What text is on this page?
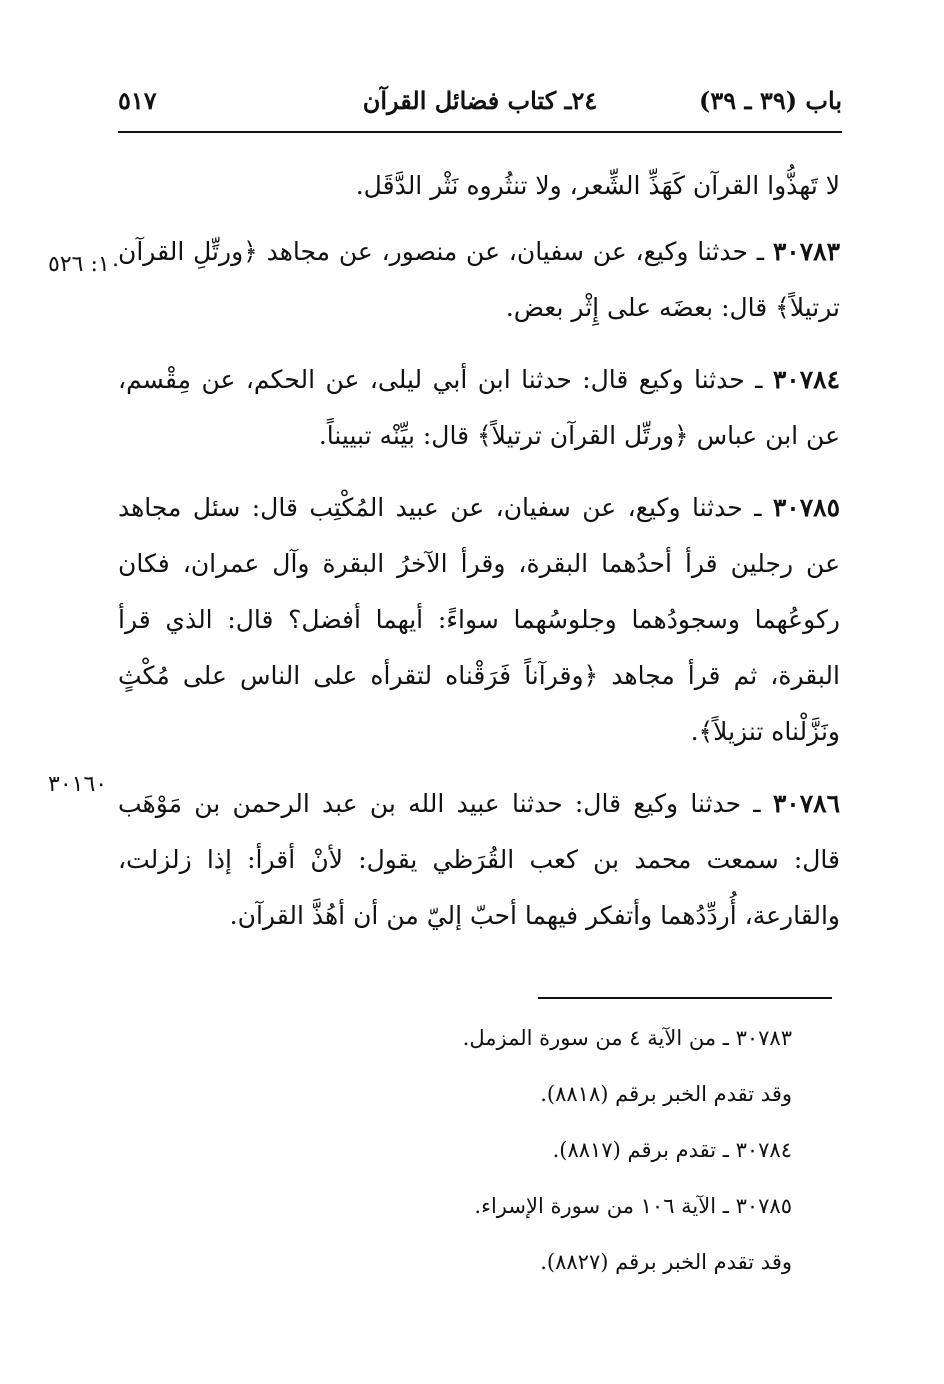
باب (٣٩ ـ ٣٩)
٢٤ـ كتاب فضائل القرآن
٥١٧
١٠: ٥٢٦
٣٠١٦٠

لا تَهذُّوا القرآن كَهَذِّ الشِّعر، ولا تنثُروه نَثْر الدَّقَل.

٣٠٧٨٣ ـ حدثنا وكيع، عن سفيان، عن منصور، عن مجاهد ﴿ورتِّلِ القرآن ترتيلاً﴾ قال: بعضَه على إِثْر بعض.

٣٠٧٨٤ ـ حدثنا وكيع قال: حدثنا ابن أبي ليلى، عن الحكم، عن مِقْسم، عن ابن عباس ﴿ورتِّل القرآن ترتيلاً﴾ قال: بيِّنْه تبييناً.

٣٠٧٨٥ ـ حدثنا وكيع، عن سفيان، عن عبيد المُكْتِب قال: سئل مجاهد عن رجلين قرأ أحدُهما البقرة، وقرأ الآخرُ البقرة وآل عمران، فكان ركوعُهما وسجودُهما وجلوسُهما سواءً: أيهما أفضل؟ قال: الذي قرأ البقرة، ثم قرأ مجاهد ﴿وقرآناً فَرَقْناه لتقرأه على الناس على مُكْثٍ ونَزَّلْناه تنزيلاً﴾.

٣٠٧٨٦ ـ حدثنا وكيع قال: حدثنا عبيد الله بن عبد الرحمن بن مَوْهَب قال: سمعت محمد بن كعب القُرَظي يقول: لأنْ أقرأ: إذا زلزلت، والقارعة، أُردِّدُهما وأتفكر فيهما أحبّ إليّ من أن أهُذَّ القرآن.

٣٠٧٨٣ ـ من الآية ٤ من سورة المزمل.
وقد تقدم الخبر برقم (٨٨١٨).
٣٠٧٨٤ ـ تقدم برقم (٨٨١٧).
٣٠٧٨٥ ـ الآية ١٠٦ من سورة الإسراء.
وقد تقدم الخبر برقم (٨٨٢٧).
